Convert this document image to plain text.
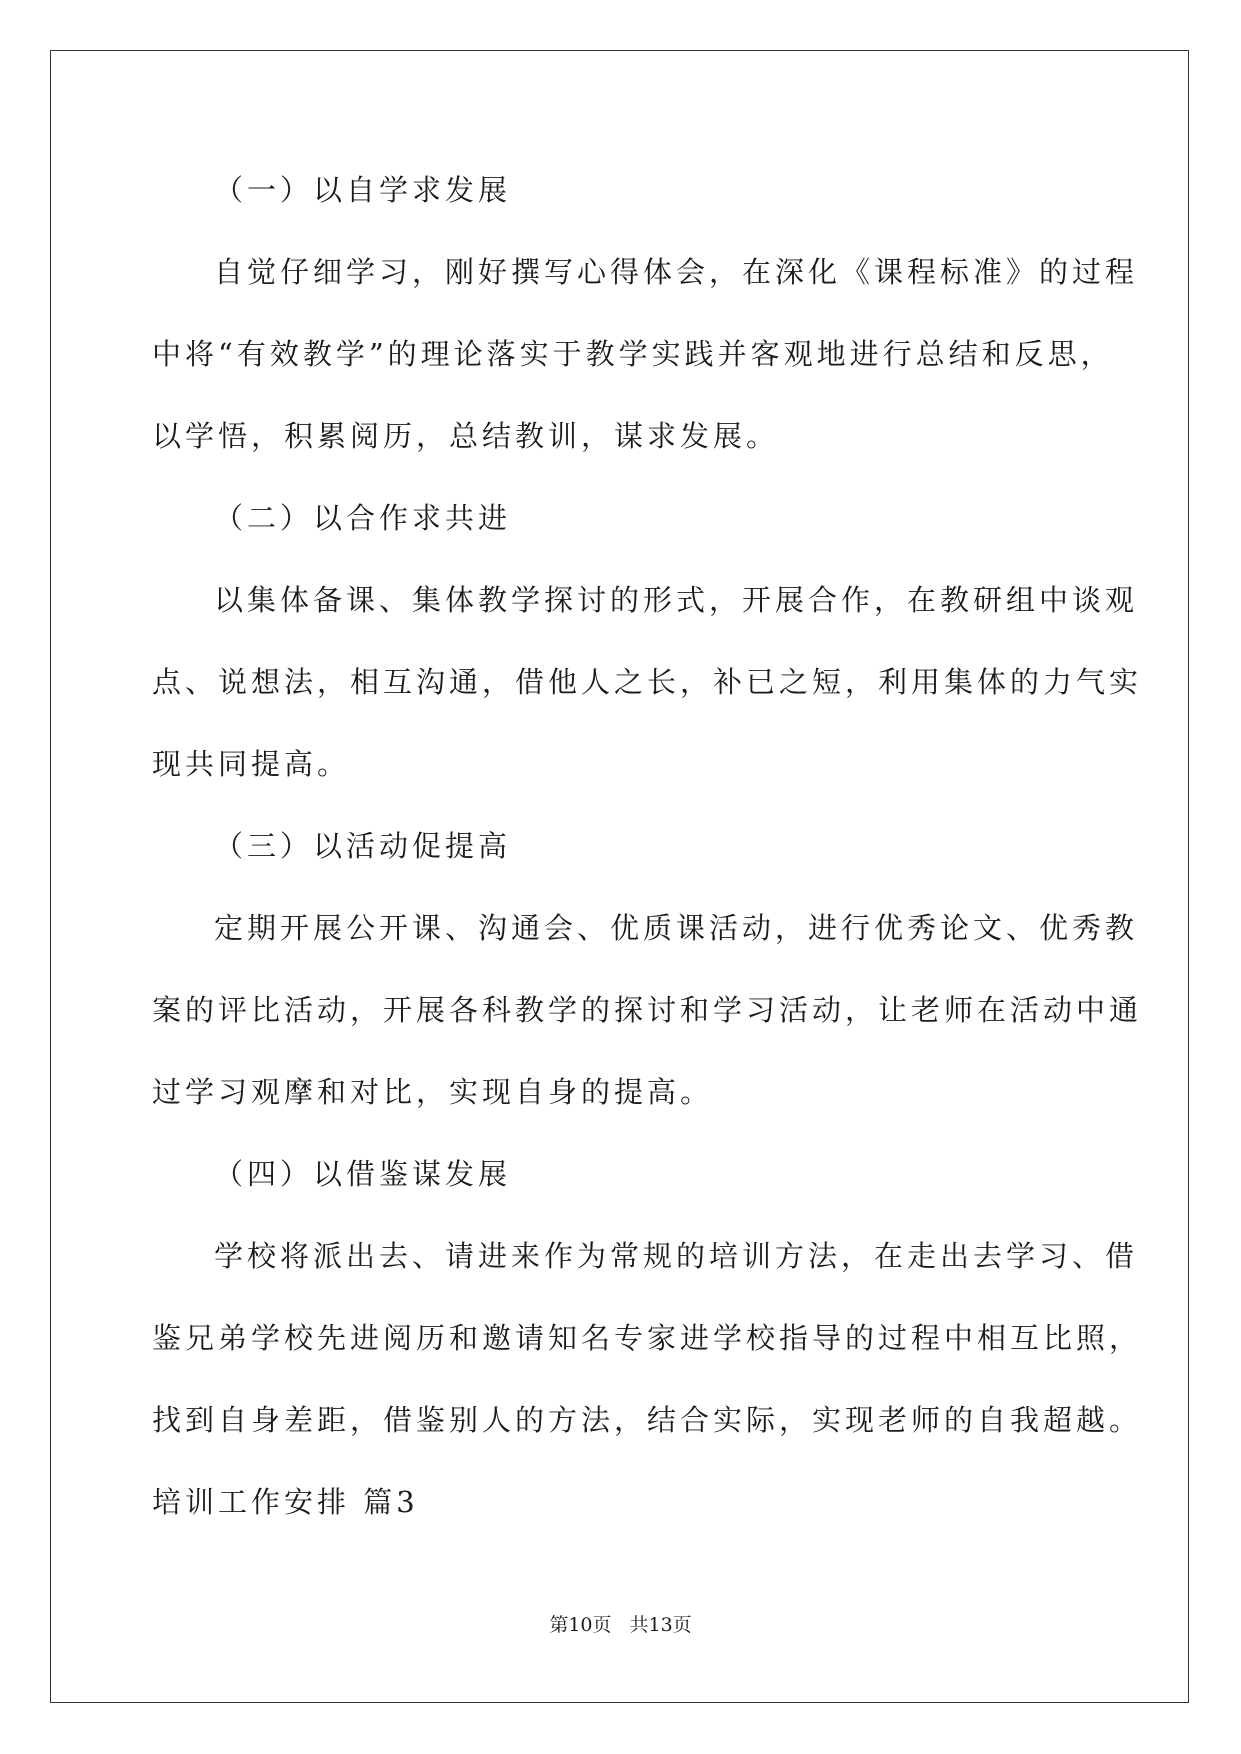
（一）以自学求发展
自觉仔细学习，刚好撰写心得体会，在深化《课程标准》的过程
中将“有效教学”的理论落实于教学实践并客观地进行总结和反思，
以学悟，积累阅历，总结教训，谋求发展。
（二）以合作求共进
以集体备课、集体教学探讨的形式，开展合作，在教研组中谈观
点、说想法，相互沟通，借他人之长，补已之短，利用集体的力气实
现共同提高。
（三）以活动促提高
定期开展公开课、沟通会、优质课活动，进行优秀论文、优秀教
案的评比活动，开展各科教学的探讨和学习活动，让老师在活动中通
过学习观摩和对比，实现自身的提高。
（四）以借鉴谋发展
学校将派出去、请进来作为常规的培训方法，在走出去学习、借
鉴兄弟学校先进阅历和邀请知名专家进学校指导的过程中相互比照，
找到自身差距，借鉴别人的方法，结合实际，实现老师的自我超越。
培训工作安排 篇3
第10页 共13页
